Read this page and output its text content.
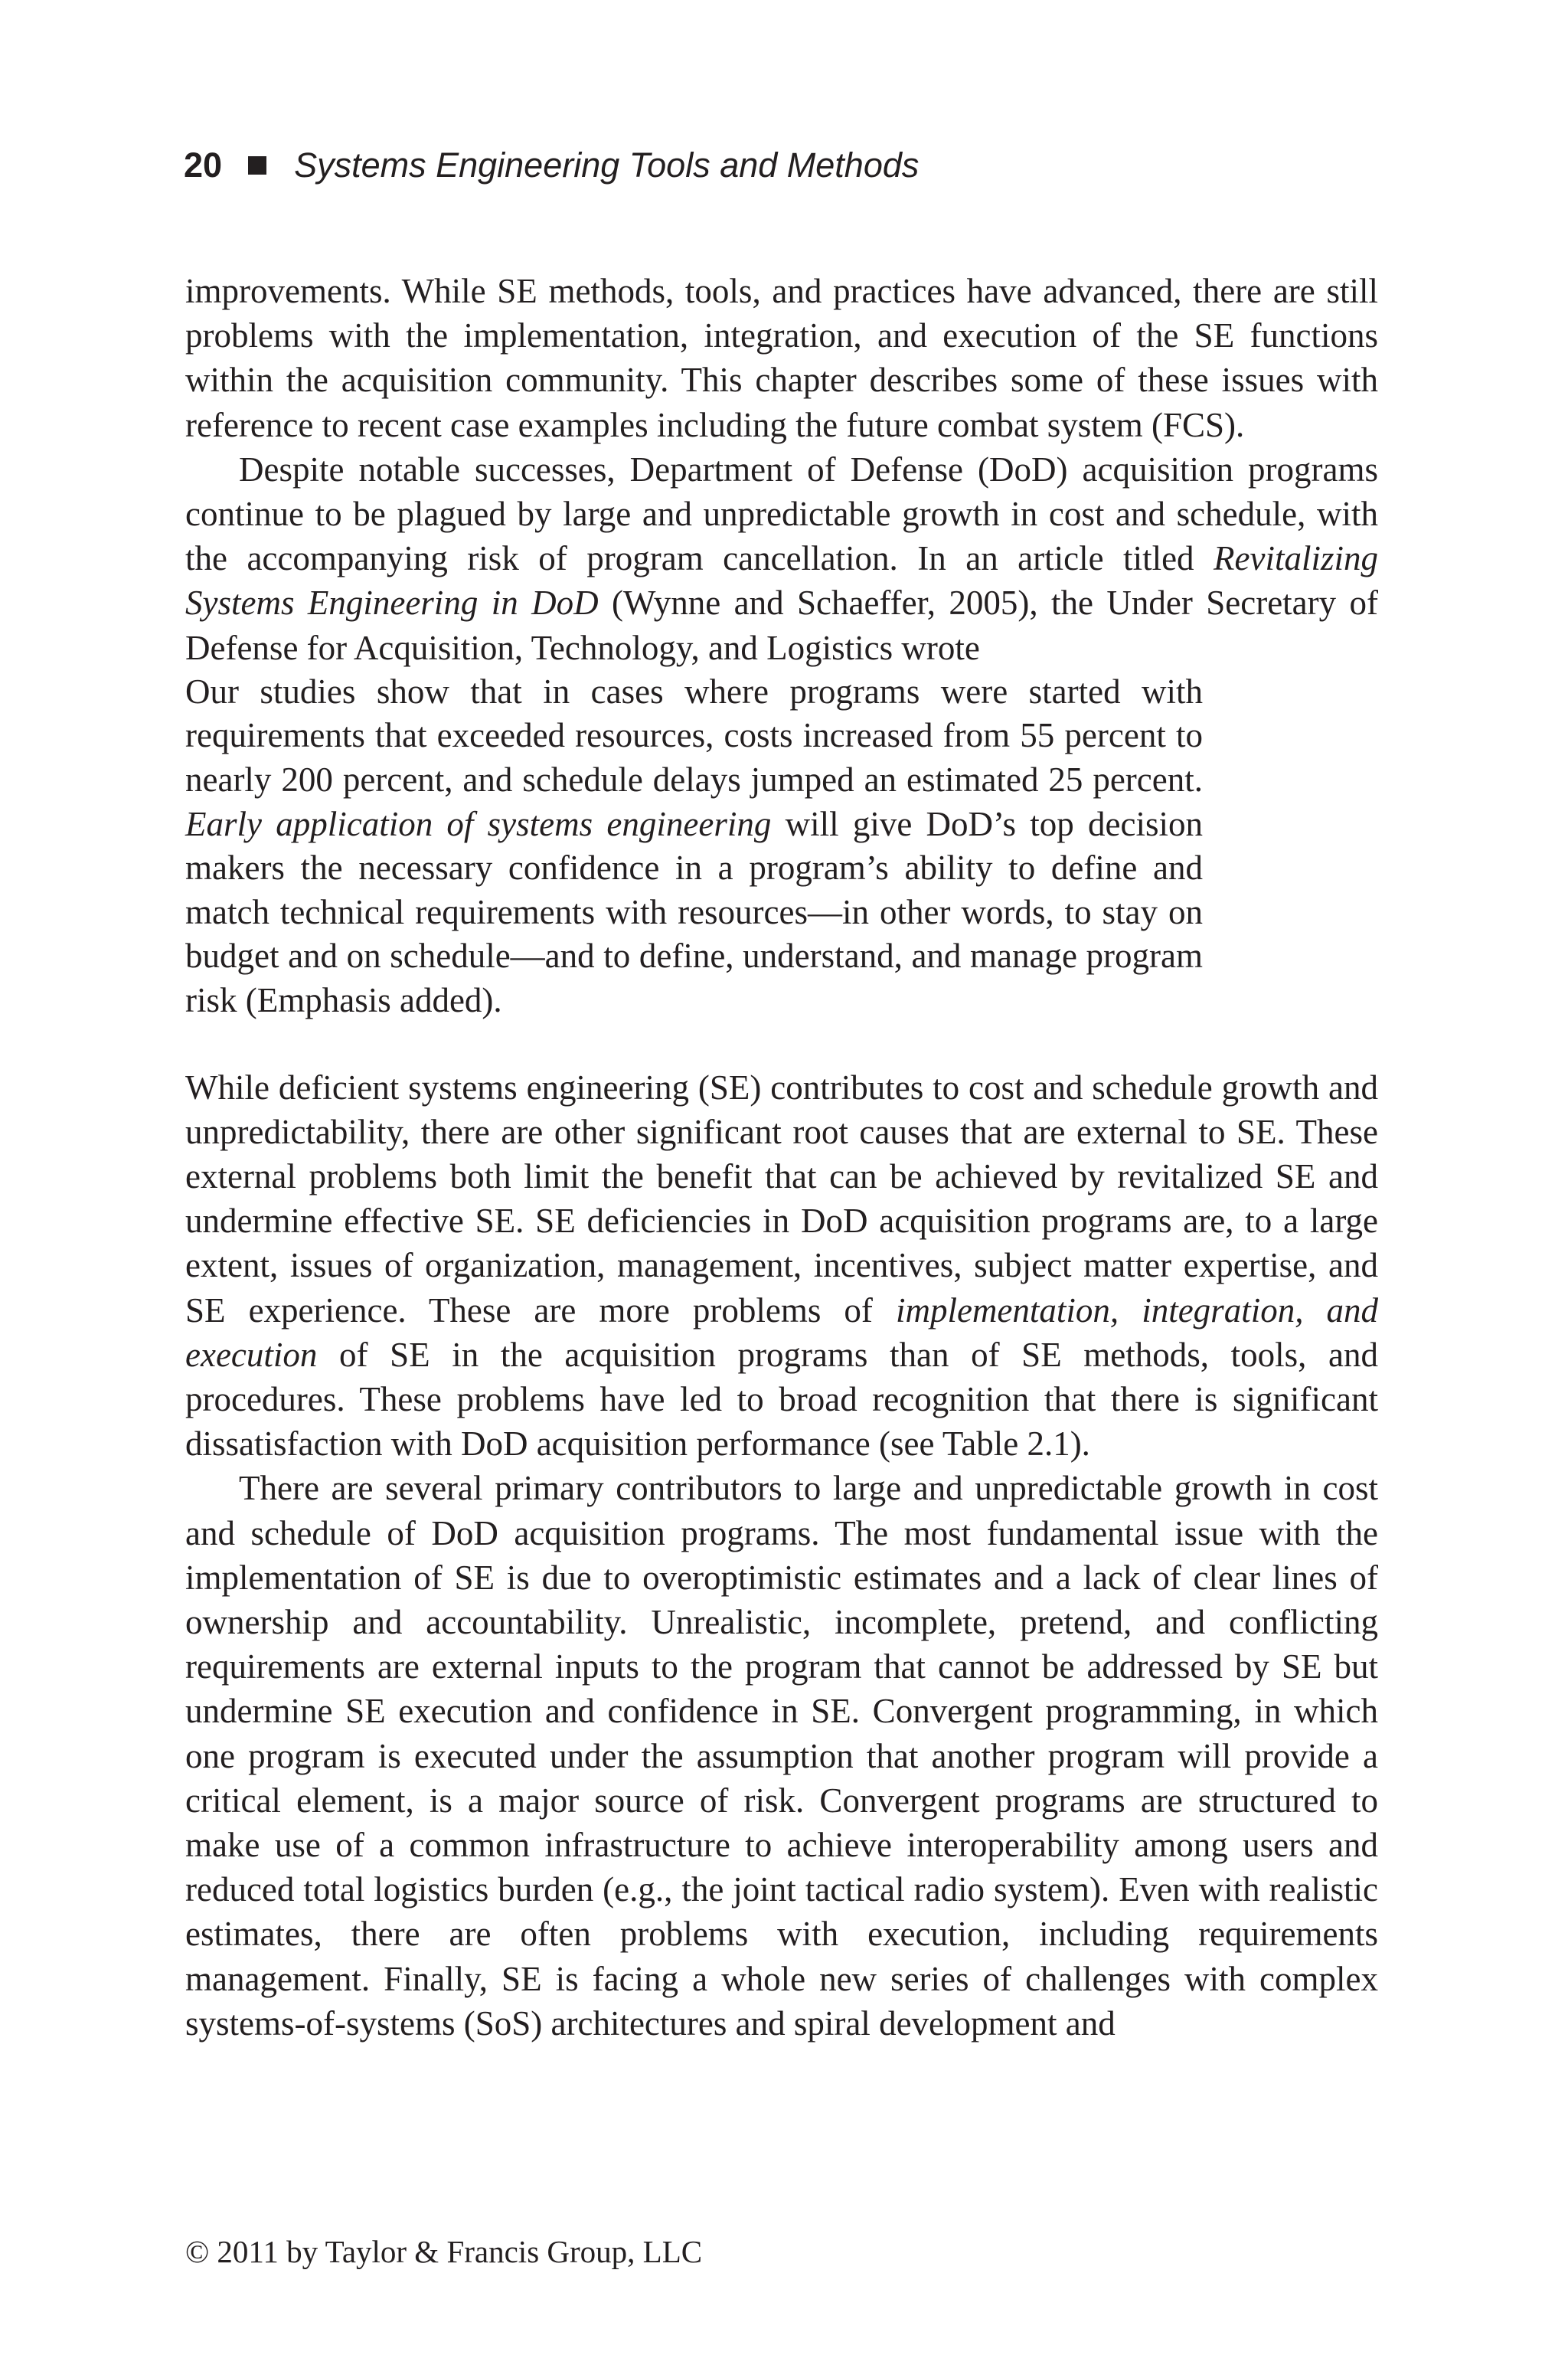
20 Systems Engineering Tools and Methods

improvements. While SE methods, tools, and practices have advanced, there are still problems with the implementation, integration, and execution of the SE functions within the acquisition community. This chapter describes some of these issues with reference to recent case examples including the future combat system (FCS).

Despite notable successes, Department of Defense (DoD) acquisition programs continue to be plagued by large and unpredictable growth in cost and schedule, with the accompanying risk of program cancellation. In an article titled Revitalizing Systems Engineering in DoD (Wynne and Schaeffer, 2005), the Under Secretary of Defense for Acquisition, Technology, and Logistics wrote

Our studies show that in cases where programs were started with requirements that exceeded resources, costs increased from 55 percent to nearly 200 percent, and schedule delays jumped an estimated 25 percent. Early application of systems engineering will give DoD’s top decision makers the necessary confidence in a program’s ability to define and match technical requirements with resources—in other words, to stay on budget and on schedule—and to define, understand, and manage program risk (Emphasis added).

While deficient systems engineering (SE) contributes to cost and schedule growth and unpredictability, there are other significant root causes that are external to SE. These external problems both limit the benefit that can be achieved by revitalized SE and undermine effective SE. SE deficiencies in DoD acquisition programs are, to a large extent, issues of organization, management, incentives, subject matter expertise, and SE experience. These are more problems of implementation, integration, and execution of SE in the acquisition programs than of SE methods, tools, and procedures. These problems have led to broad recognition that there is significant dissatisfaction with DoD acquisition performance (see Table 2.1).

There are several primary contributors to large and unpredictable growth in cost and schedule of DoD acquisition programs. The most fundamental issue with the implementation of SE is due to overoptimistic estimates and a lack of clear lines of ownership and accountability. Unrealistic, incomplete, pretend, and conflicting requirements are external inputs to the program that cannot be addressed by SE but undermine SE execution and confidence in SE. Convergent programming, in which one program is executed under the assumption that another program will provide a critical element, is a major source of risk. Convergent programs are structured to make use of a common infrastructure to achieve interoperability among users and reduced total logistics burden (e.g., the joint tactical radio system). Even with realistic estimates, there are often problems with execution, including requirements management. Finally, SE is facing a whole new series of challenges with complex systems-of-systems (SoS) architectures and spiral development and

© 2011 by Taylor & Francis Group, LLC
